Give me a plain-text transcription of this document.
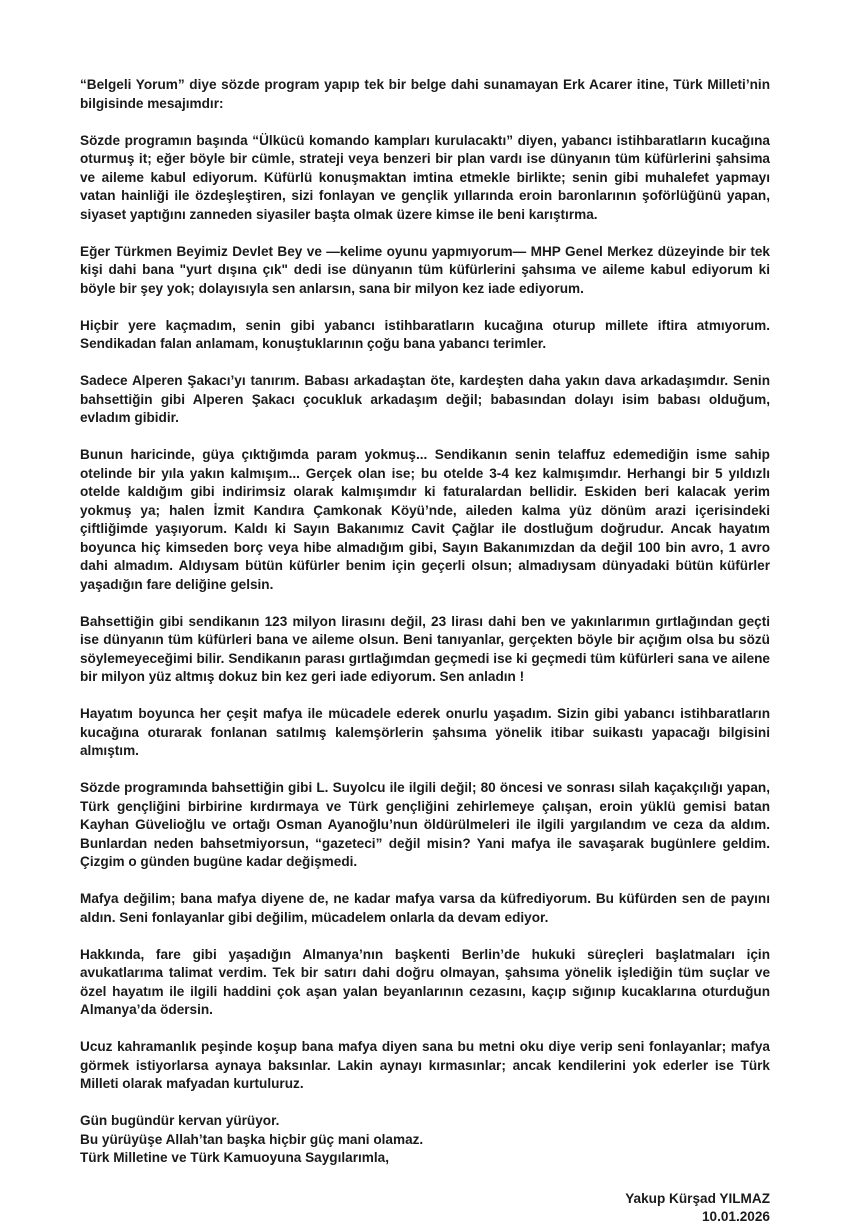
“Belgeli Yorum” diye sözde program yapıp tek bir belge dahi sunamayan Erk Acarer itine, Türk Milleti’nin bilgisinde mesajımdır:

Sözde programın başında “Ülkücü komando kampları kurulacaktı” diyen, yabancı istihbaratların kucağına oturmuş it; eğer böyle bir cümle, strateji veya benzeri bir plan vardı ise dünyanın tüm küfürlerini şahsima ve aileme kabul ediyorum. Küfürlü konuşmaktan imtina etmekle birlikte; senin gibi muhalefet yapmayı vatan hainliği ile özdeşleştiren, sizi fonlayan ve gençlik yıllarında eroin baronlarının şoförlüğünü yapan, siyaset yaptığını zanneden siyasiler başta olmak üzere kimse ile beni karıştırma.

Eğer Türkmen Beyimiz Devlet Bey ve —kelime oyunu yapmıyorum— MHP Genel Merkez düzeyinde bir tek kişi dahi bana "yurt dışına çık" dedi ise dünyanın tüm küfürlerini şahsıma ve aileme kabul ediyorum ki böyle bir şey yok; dolayısıyla sen anlarsın, sana bir milyon kez iade ediyorum.

Hiçbir yere kaçmadım, senin gibi yabancı istihbaratların kucağına oturup millete iftira atmıyorum. Sendikadan falan anlamam, konuştuklarının çoğu bana yabancı terimler.

Sadece Alperen Şakacı’yı tanırım. Babası arkadaştan öte, kardeşten daha yakın dava arkadaşımdır. Senin bahsettiğin gibi Alperen Şakacı çocukluk arkadaşım değil; babasından dolayı isim babası olduğum, evladım gibidir.

Bunun haricinde, güya çıktığımda param yokmuş... Sendikanın senin telaffuz edemediğin isme sahip otelinde bir yıla yakın kalmışım... Gerçek olan ise; bu otelde 3-4 kez kalmışımdır. Herhangi bir 5 yıldızlı otelde kaldığım gibi indirimsiz olarak kalmışımdır ki faturalardan bellidir. Eskiden beri kalacak yerim yokmuş ya; halen İzmit Kandıra Çamkonak Köyü’nde, aileden kalma yüz dönüm arazi içerisindeki çiftliğimde yaşıyorum. Kaldı ki Sayın Bakanımız Cavit Çağlar ile dostluğum doğrudur. Ancak hayatım boyunca hiç kimseden borç veya hibe almadığım gibi, Sayın Bakanımızdan da değil 100 bin avro, 1 avro dahi almadım. Aldıysam bütün küfürler benim için geçerli olsun; almadıysam dünyadaki bütün küfürler yaşadığın fare deliğine gelsin.

Bahsettiğin gibi sendikanın 123 milyon lirasını değil, 23 lirası dahi ben ve yakınlarımın gırtlağından geçti ise dünyanın tüm küfürleri bana ve aileme olsun. Beni tanıyanlar, gerçekten böyle bir açığım olsa bu sözü söylemeyeceğimi bilir. Sendikanın parası gırtlağımdan geçmedi ise ki geçmedi tüm küfürleri sana ve ailene bir milyon yüz altmış dokuz bin kez geri iade ediyorum. Sen anladın !

Hayatım boyunca her çeşit mafya ile mücadele ederek onurlu yaşadım. Sizin gibi yabancı istihbaratların kucağına oturarak fonlanan satılmış kalemşörlerin şahsıma yönelik itibar suikastı yapacağı bilgisini almıştım.

Sözde programında bahsettiğin gibi L. Suyolcu ile ilgili değil; 80 öncesi ve sonrası silah kaçakçılığı yapan, Türk gençliğini birbirine kırdırmaya ve Türk gençliğini zehirlemeye çalışan, eroin yüklü gemisi batan Kayhan Güvelioğlu ve ortağı Osman Ayanoğlu’nun öldürülmeleri ile ilgili yargılandım ve ceza da aldım. Bunlardan neden bahsetmiyorsun, “gazeteci” değil misin? Yani mafya ile savaşarak bugünlere geldim. Çizgim o günden bugüne kadar değişmedi.

Mafya değilim; bana mafya diyene de, ne kadar mafya varsa da küfrediyorum. Bu küfürden sen de payını aldın. Seni fonlayanlar gibi değilim, mücadelem onlarla da devam ediyor.

Hakkında, fare gibi yaşadığın Almanya’nın başkenti Berlin’de hukuki süreçleri başlatmaları için avukatlarıma talimat verdim. Tek bir satırı dahi doğru olmayan, şahsıma yönelik işlediğin tüm suçlar ve özel hayatım ile ilgili haddini çok aşan yalan beyanlarının cezasını, kaçıp sığınıp kucaklarına oturduğun Almanya’da ödersin.

Ucuz kahramanlık peşinde koşup bana mafya diyen sana bu metni oku diye verip seni fonlayanlar; mafya görmek istiyorlarsa aynaya baksınlar. Lakin aynayı kırmasınlar; ancak kendilerini yok ederler ise Türk Milleti olarak mafyadan kurtuluruz.

Gün bugündür kervan yürüyor.

Bu yürüyüşe Allah’tan başka hiçbir güç mani olamaz.

Türk Milletine ve Türk Kamuoyuna Saygılarımla,

Yakup Kürşad YILMAZ
10.01.2026
